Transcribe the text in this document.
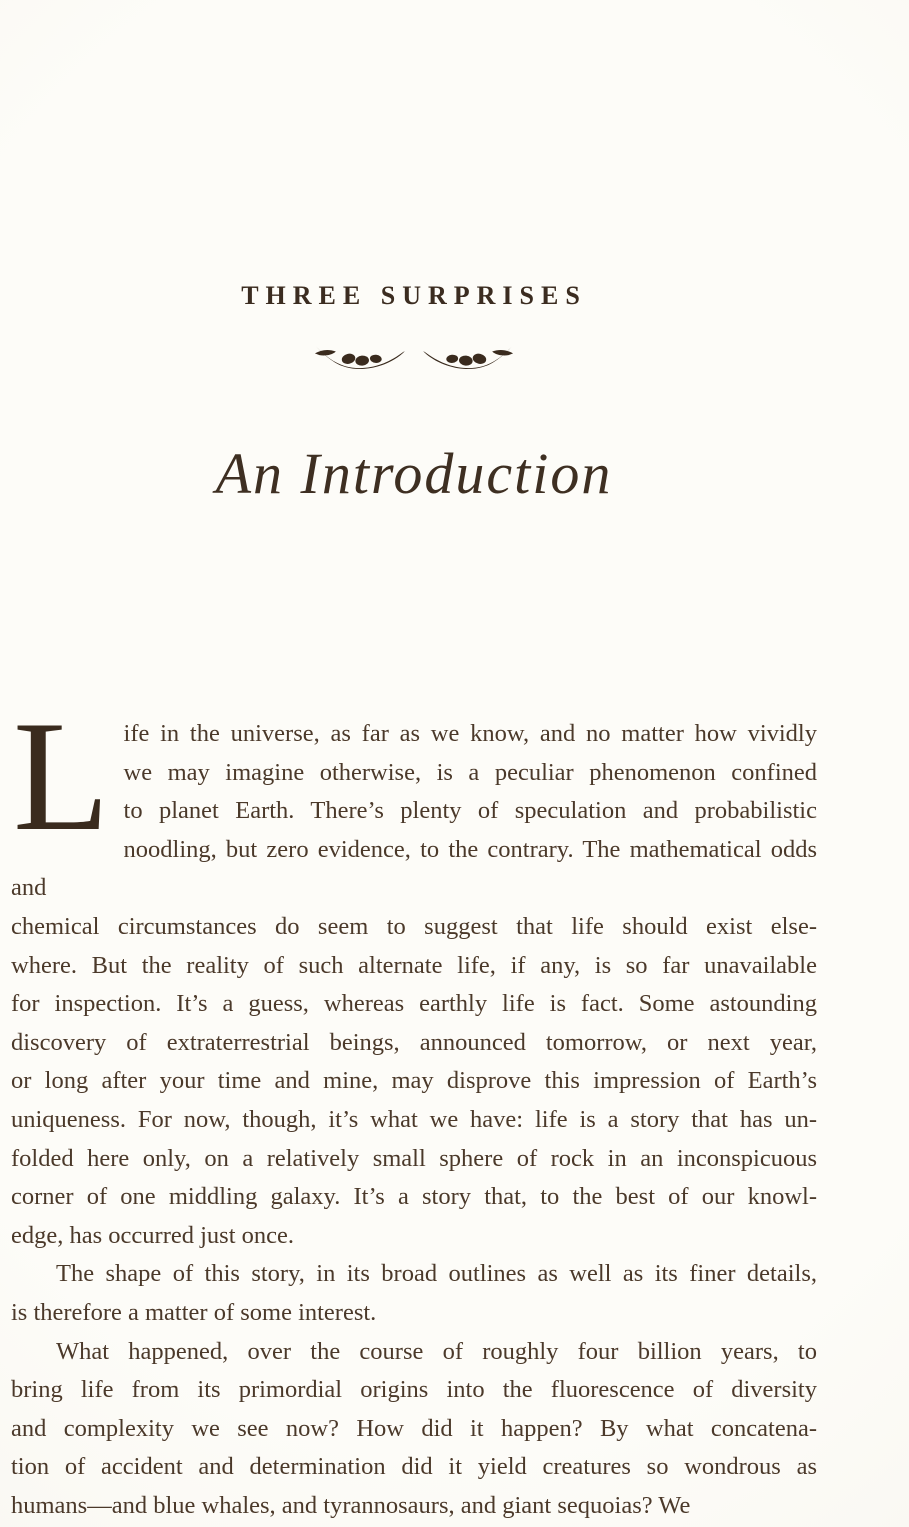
THREE SURPRISES
An Introduction
L ife in the universe, as far as we know, and no matter how vividly
we may imagine otherwise, is a peculiar phenomenon confined
to planet Earth. There’s plenty of speculation and probabilistic
noodling, but zero evidence, to the contrary. The mathematical odds and
chemical circumstances do seem to suggest that life should exist else-
where. But the reality of such alternate life, if any, is so far unavailable
for inspection. It’s a guess, whereas earthly life is fact. Some astounding
discovery of extraterrestrial beings, announced tomorrow, or next year,
or long after your time and mine, may disprove this impression of Earth’s
uniqueness. For now, though, it’s what we have: life is a story that has un-
folded here only, on a relatively small sphere of rock in an inconspicuous
corner of one middling galaxy. It’s a story that, to the best of our knowl-
edge, has occurred just once.
The shape of this story, in its broad outlines as well as its finer details,
is therefore a matter of some interest.
What happened, over the course of roughly four billion years, to
bring life from its primordial origins into the fluorescence of diversity
and complexity we see now? How did it happen? By what concatena-
tion of accident and determination did it yield creatures so wondrous as
humans—and blue whales, and tyrannosaurs, and giant sequoias? We
